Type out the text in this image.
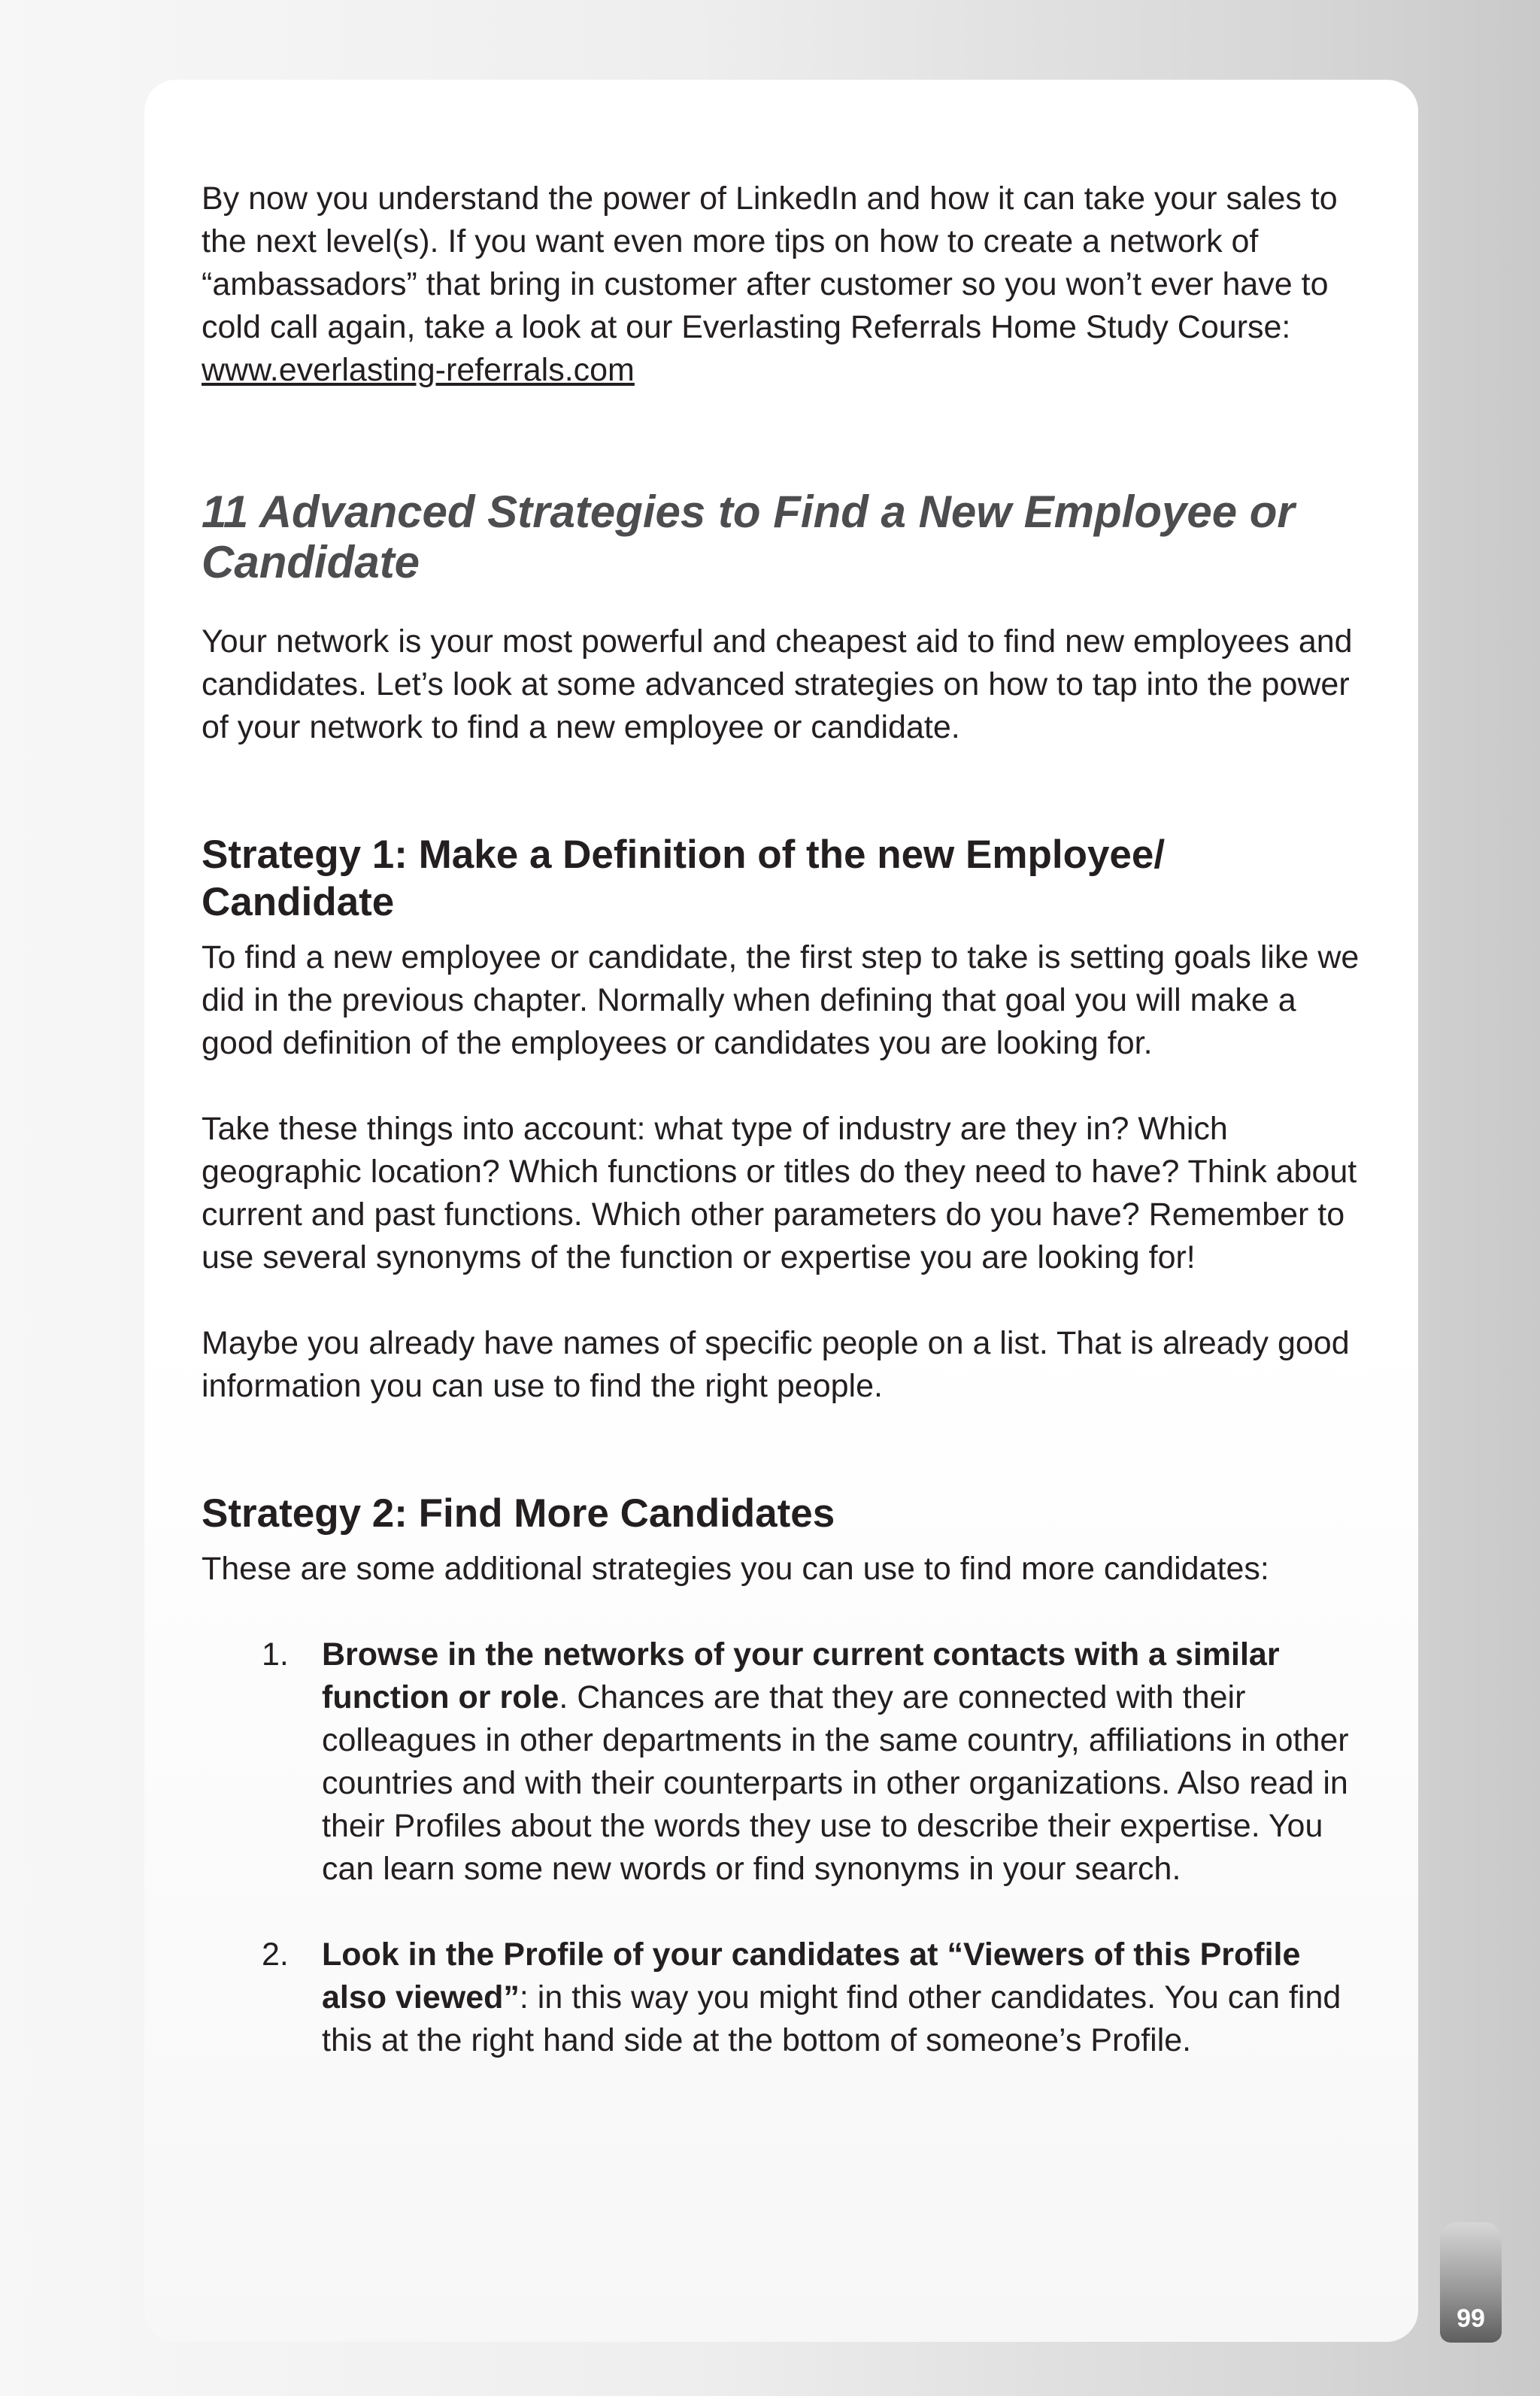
By now you understand the power of LinkedIn and how it can take your sales to the next level(s). If you want even more tips on how to create a network of “ambassadors” that bring in customer after customer so you won’t ever have to cold call again, take a look at our Everlasting Referrals Home Study Course: www.everlasting-referrals.com

11 Advanced Strategies to Find a New Employee or Candidate

Your network is your most powerful and cheapest aid to find new employees and candidates. Let’s look at some advanced strategies on how to tap into the power of your network to find a new employee or candidate.

Strategy 1: Make a Definition of the new Employee/ Candidate

To find a new employee or candidate, the first step to take is setting goals like we did in the previous chapter. Normally when defining that goal you will make a good definition of the employees or candidates you are looking for.

Take these things into account: what type of industry are they in? Which geographic location? Which functions or titles do they need to have? Think about current and past functions. Which other parameters do you have? Remember to use several synonyms of the function or expertise you are looking for!

Maybe you already have names of specific people on a list. That is already good information you can use to find the right people.

Strategy 2: Find More Candidates

These are some additional strategies you can use to find more candidates:

1. Browse in the networks of your current contacts with a similar function or role. Chances are that they are connected with their colleagues in other departments in the same country, affiliations in other countries and with their counterparts in other organizations. Also read in their Profiles about the words they use to describe their expertise. You can learn some new words or find synonyms in your search.
2. Look in the Profile of your candidates at “Viewers of this Profile also viewed”: in this way you might find other candidates. You can find this at the right hand side at the bottom of someone’s Profile.
99
